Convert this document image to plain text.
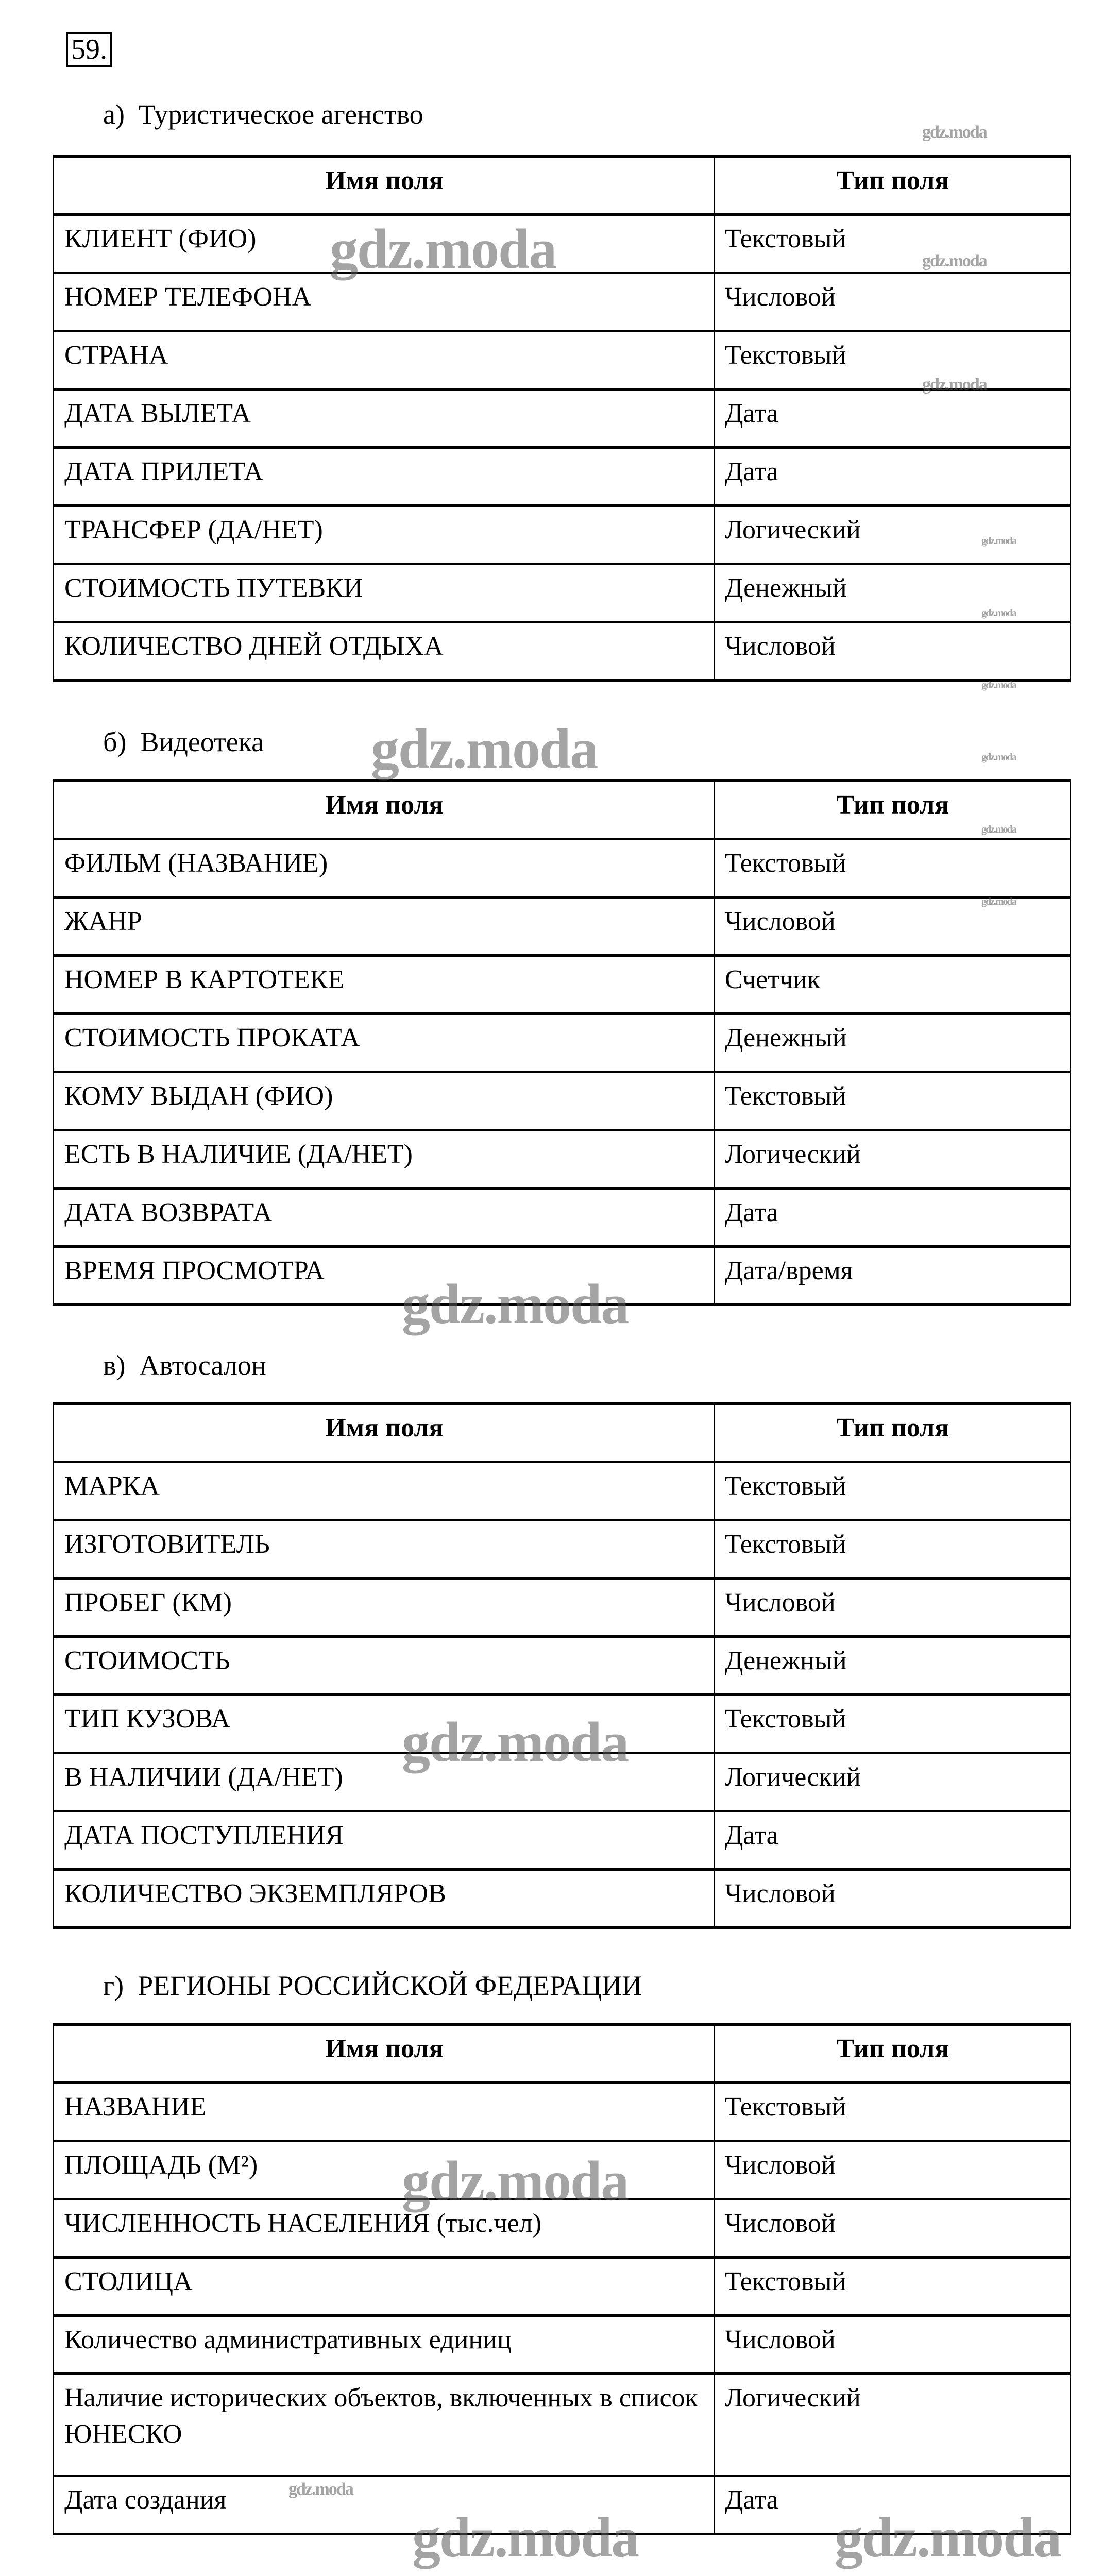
59.
а)  Туристическое агенство
Имя поля	Тип поля
КЛИЕНТ (ФИО)	Текстовый
НОМЕР ТЕЛЕФОНА	Числовой
СТРАНА	Текстовый
ДАТА ВЫЛЕТА	Дата
ДАТА ПРИЛЕТА	Дата
ТРАНСФЕР (ДА/НЕТ)	Логический
СТОИМОСТЬ ПУТЕВКИ	Денежный
КОЛИЧЕСТВО ДНЕЙ ОТДЫХА	Числовой
б)  Видеотека
Имя поля	Тип поля
ФИЛЬМ (НАЗВАНИЕ)	Текстовый
ЖАНР	Числовой
НОМЕР В КАРТОТЕКЕ	Счетчик
СТОИМОСТЬ ПРОКАТА	Денежный
КОМУ ВЫДАН (ФИО)	Текстовый
ЕСТЬ В НАЛИЧИЕ (ДА/НЕТ)	Логический
ДАТА ВОЗВРАТА	Дата
ВРЕМЯ ПРОСМОТРА	Дата/время
в)  Автосалон
Имя поля	Тип поля
МАРКА	Текстовый
ИЗГОТОВИТЕЛЬ	Текстовый
ПРОБЕГ (КМ)	Числовой
СТОИМОСТЬ	Денежный
ТИП КУЗОВА	Текстовый
В НАЛИЧИИ (ДА/НЕТ)	Логический
ДАТА ПОСТУПЛЕНИЯ	Дата
КОЛИЧЕСТВО ЭКЗЕМПЛЯРОВ	Числовой
г)  РЕГИОНЫ РОССИЙСКОЙ ФЕДЕРАЦИИ
Имя поля	Тип поля
НАЗВАНИЕ	Текстовый
ПЛОЩАДЬ (М²)	Числовой
ЧИСЛЕННОСТЬ НАСЕЛЕНИЯ (тыс.чел)	Числовой
СТОЛИЦА	Текстовый
Количество административных единиц	Числовой
Наличие исторических объектов, включенных в список ЮНЕСКО	Логический
Дата создания	Дата
gdz.moda
gdz.moda
gdz.moda
gdz.moda
gdz.moda
gdz.moda	gdz.moda
gdz.moda
gdz.moda
gdz.moda
gdz.moda
gdz.moda
gdz.moda
gdz.moda
gdz.moda
gdz.moda
gdz.moda
